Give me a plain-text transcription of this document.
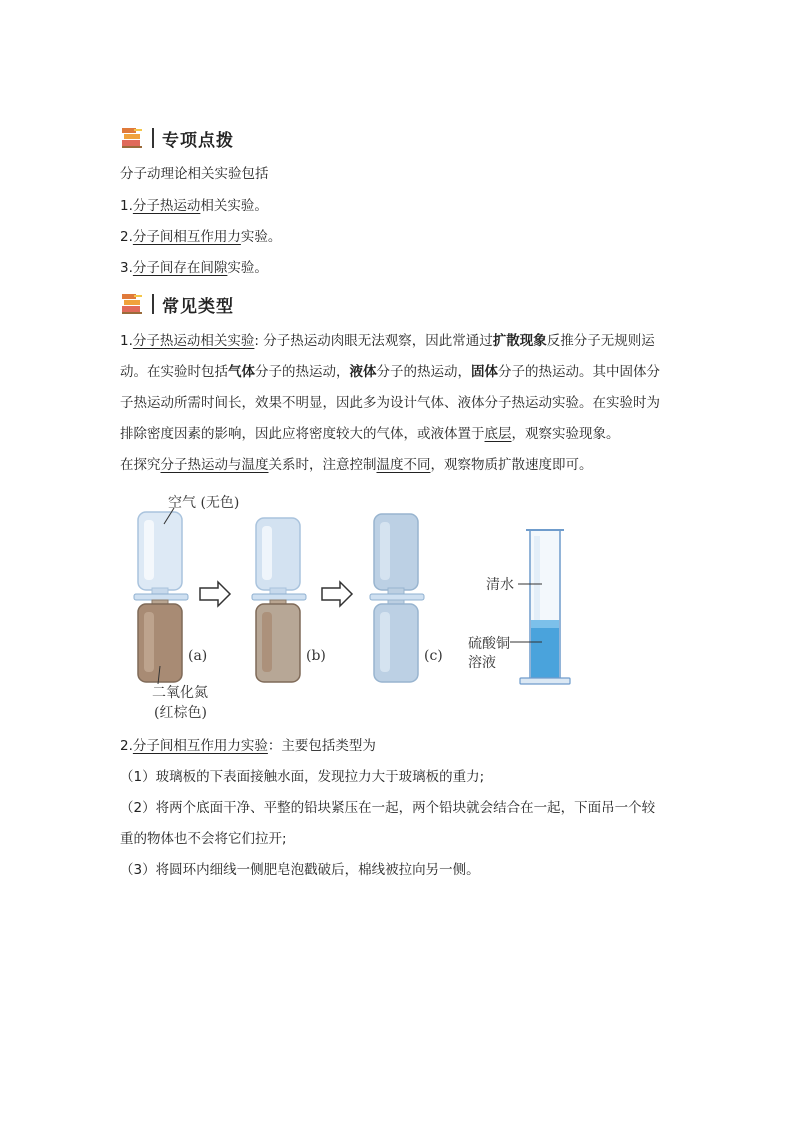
专项点拨
分子动理论相关实验包括
1.分子热运动相关实验。
2.分子间相互作用力实验。
3.分子间存在间隙实验。
常见类型
1.分子热运动相关实验: 分子热运动肉眼无法观察，因此常通过扩散现象反推分子无规则运
动。在实验时包括气体分子的热运动，液体分子的热运动，固体分子的热运动。其中固体分
子热运动所需时间长，效果不明显，因此多为设计气体、液体分子热运动实验。在实验时为
排除密度因素的影响，因此应将密度较大的气体，或液体置于底层，观察实验现象。
在探究分子热运动与温度关系时，注意控制温度不同，观察物质扩散速度即可。
空气 (无色)
(a)	(b)	(c)
二氧化氮
(红棕色)
清水
硫酸铜
溶液
2.分子间相互作用力实验：主要包括类型为
（1）玻璃板的下表面接触水面，发现拉力大于玻璃板的重力;
（2）将两个底面干净、平整的铅块紧压在一起，两个铅块就会结合在一起，下面吊一个较
重的物体也不会将它们拉开;
（3）将圆环内细线一侧肥皂泡戳破后，棉线被拉向另一侧。
